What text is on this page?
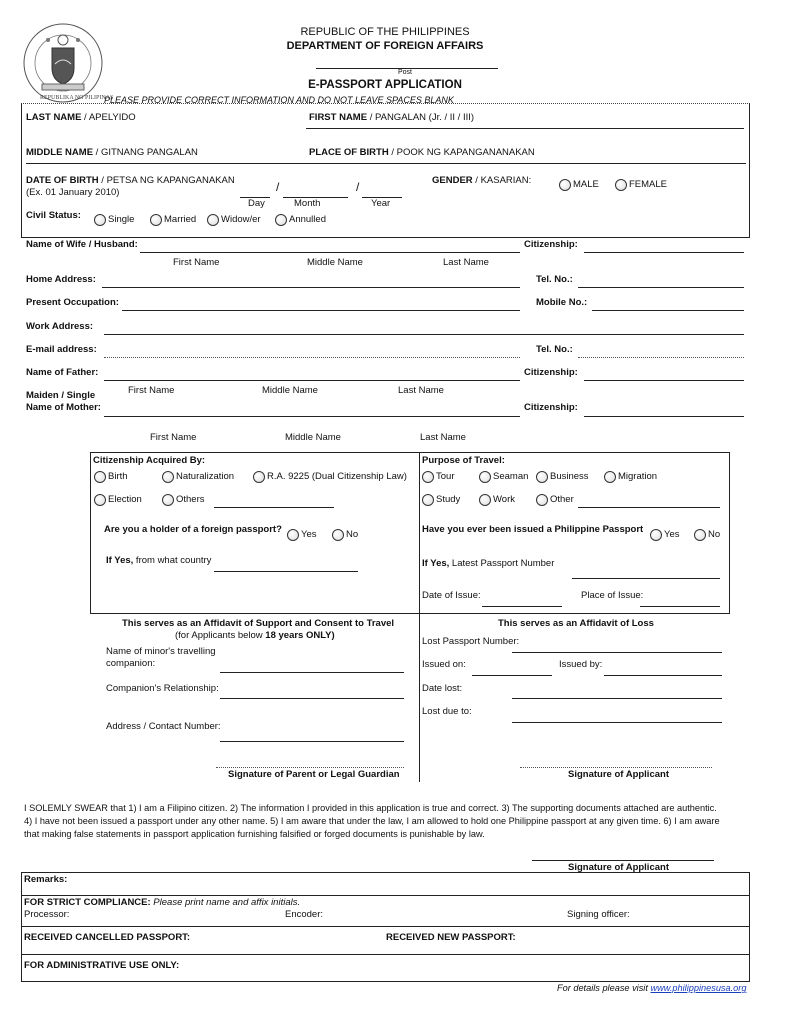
REPUBLIKA NG PILIPINAS
REPUBLIC OF THE PHILIPPINES
DEPARTMENT OF FOREIGN AFFAIRS
Post
E-PASSPORT APPLICATION
PLEASE PROVIDE CORRECT INFORMATION AND DO NOT LEAVE SPACES BLANK
LAST NAME / APELYIDO	FIRST NAME / PANGALAN (Jr. / II / III)
MIDDLE NAME / GITNANG PANGALAN	PLACE OF BIRTH / POOK NG KAPANGANANAKAN
DATE OF BIRTH / PETSA NG KAPANGANAKAN
(Ex. 01 January 2010)	/	/
Day	Month	Year
GENDER / KASARIAN:	MALE	FEMALE
Civil Status:	Single	Married	Widow/er	Annulled
Name of Wife / Husband:	Citizenship:
First Name	Middle Name	Last Name
Home Address:	Tel. No.:
Present Occupation:	Mobile No.:
Work Address:
E-mail address:	Tel. No.:
Name of Father:	Citizenship:
First Name	Middle Name	Last Name
Maiden / Single
Name of Mother:	Citizenship:
First Name	Middle Name	Last Name
Citizenship Acquired By:
Birth	Naturalization	R.A. 9225 (Dual Citizenship Law)
Election	Others
Are you a holder of a foreign passport? Yes	No
If Yes, from what country
Purpose of Travel:
Tour	Seaman Business	Migration
Study	Work	Other
Have you ever been issued a Philippine Passport Yes	No
If Yes, Latest Passport Number
Date of Issue:	Place of Issue:
This serves as an Affidavit of Support and Consent to Travel
(for Applicants below 18 years ONLY)
Name of minor's travelling
companion:
Companion's Relationship:
Address / Contact Number:
Signature of Parent or Legal Guardian
This serves as an Affidavit of Loss
Lost Passport Number:
Issued on:	Issued by:
Date lost:
Lost due to:
Signature of Applicant
I SOLEMLY SWEAR that 1) I am a Filipino citizen. 2) The information I provided in this application is true and correct. 3) The supporting documents attached are authentic.
4) I have not been issued a passport under any other name. 5) I am aware that under the law, I am allowed to hold one Philippine passport at any given time. 6) I am aware
that making false statements in passport application furnishing falsified or forged documents is punishable by law.
Signature of Applicant
Remarks:
FOR STRICT COMPLIANCE: Please print name and affix initials.
Processor:	Encoder:	Signing officer:
RECEIVED CANCELLED PASSPORT:	RECEIVED NEW PASSPORT:
FOR ADMINISTRATIVE USE ONLY:
For details please visit www.philippinesusa.org
